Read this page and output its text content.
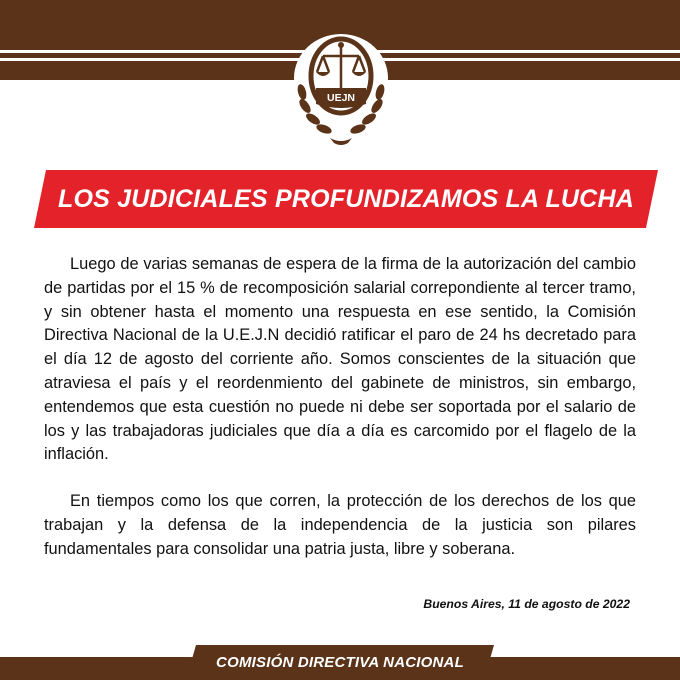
UEJN
LOS JUDICIALES PROFUNDIZAMOS LA LUCHA

Luego de varias semanas de espera de la firma de la autorización del cambio de partidas por el 15 % de recomposición salarial correpondiente al tercer tramo, y sin obtener hasta el momento una respuesta en ese sentido, la Comisión Directiva Nacional de la U.E.J.N decidió ratificar el paro de 24 hs decretado para el día 12 de agosto del corriente año. Somos conscientes de la situación que atraviesa el país y el reordenmiento del gabinete de ministros, sin embargo, entendemos que esta cuestión no puede ni debe ser soportada por el salario de los y las trabajadoras judiciales que día a día es carcomido por el flagelo de la inflación.

En tiempos como los que corren, la protección de los derechos de los que trabajan y la defensa de la independencia de la justicia son pilares fundamentales para consolidar una patria justa, libre y soberana.

Buenos Aires, 11 de agosto de 2022
COMISIÓN DIRECTIVA NACIONAL
